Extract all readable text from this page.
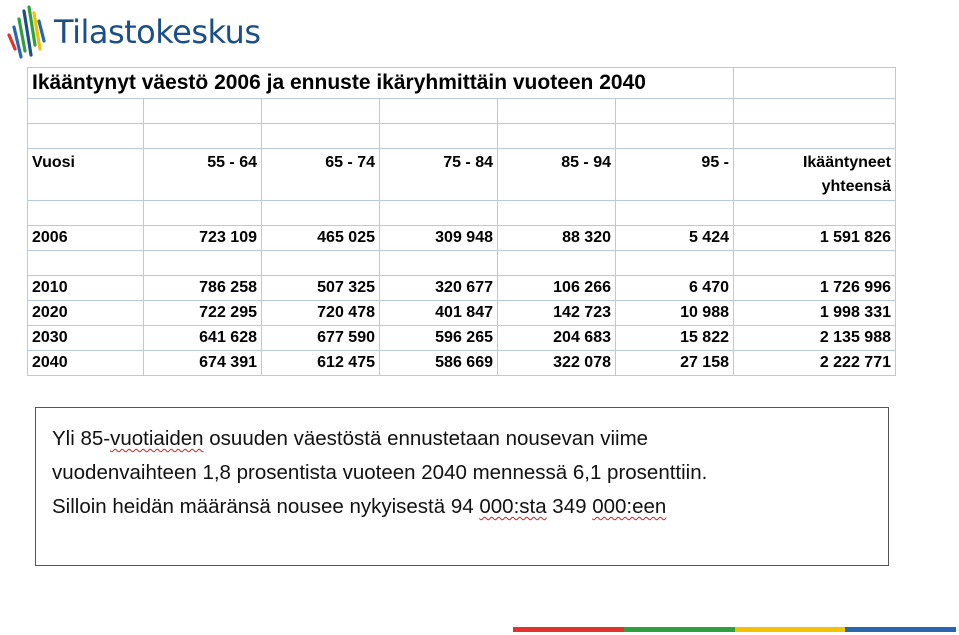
Tilastokeskus
Ikääntynyt väestö 2006 ja ennuste ikäryhmittäin vuoteen 2040						

Vuosi	55 - 64	65 - 74	75 - 84	85 - 94	95 -	Ikääntyneet
yhteensä

2006	723 109	465 025	309 948	88 320	5 424	1 591 826

2010	786 258	507 325	320 677	106 266	6 470	1 726 996
2020	722 295	720 478	401 847	142 723	10 988	1 998 331
2030	641 628	677 590	596 265	204 683	15 822	2 135 988
2040	674 391	612 475	586 669	322 078	27 158	2 222 771

Yli 85-vuotiaiden osuuden väestöstä ennustetaan nousevan viime

vuodenvaihteen 1,8 prosentista vuoteen 2040 mennessä 6,1 prosenttiin.

Silloin heidän määränsä nousee nykyisestä 94 000:sta 349 000:een
